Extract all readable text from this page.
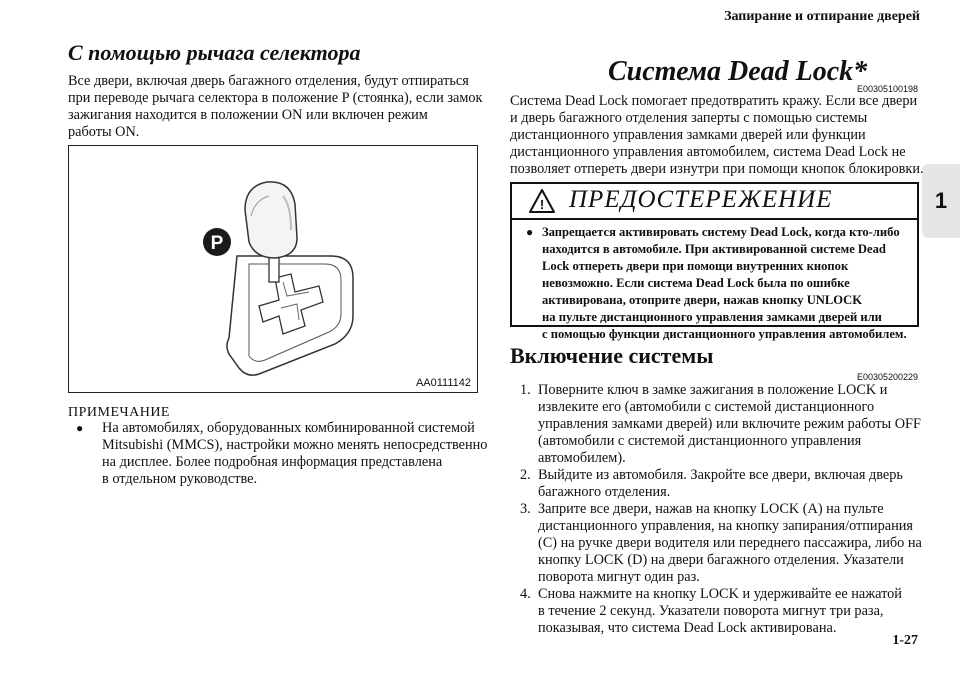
Запирание и отпирание дверей
1
1-27
С помощью рычага селектора

Все двери, включая дверь багажного отделения, будут отпираться

при переводе рычага селектора в положение P (стоянка), если замок

зажигания находится в положении ON или включен режим

работы ON.

P
AA0111142
ПРИМЕЧАНИЕ
●	На автомобилях, оборудованных комбинированной системой

Mitsubishi (MMCS), настройки можно менять непосредственно

на дисплее. Более подробная информация представлена

в отдельном руководстве.

Система Dead Lock*
E00305100198

Система Dead Lock помогает предотвратить кражу. Если все двери

и дверь багажного отделения заперты с помощью системы

дистанционного управления замками дверей или функции

дистанционного управления автомобилем, система Dead Lock не

позволяет отпереть двери изнутри при помощи кнопок блокировки.

! ПРЕДОСТЕРЕЖЕНИЕ
● Запрещается активировать систему Dead Lock, когда кто-либо

находится в автомобиле. При активированной системе Dead

Lock отпереть двери при помощи внутренних кнопок

невозможно. Если система Dead Lock была по ошибке

активирована, отоприте двери, нажав кнопку UNLOCK

на пульте дистанционного управления замками дверей или

с помощью функции дистанционного управления автомобилем.

Включение системы
E00305200229

1. Поверните ключ в замке зажигания в положение LOCK и

извлеките его (автомобили с системой дистанционного

управления замками дверей) или включите режим работы OFF

(автомобили с системой дистанционного управления

автомобилем).

2. Выйдите из автомобиля. Закройте все двери, включая дверь

багажного отделения.

3. Заприте все двери, нажав на кнопку LOCK (A) на пульте

дистанционного управления, на кнопку запирания/отпирания

(C) на ручке двери водителя или переднего пассажира, либо на

кнопку LOCK (D) на двери багажного отделения. Указатели

поворота мигнут один раз.

4. Снова нажмите на кнопку LOCK и удерживайте ее нажатой

в течение 2 секунд. Указатели поворота мигнут три раза,

показывая, что система Dead Lock активирована.
